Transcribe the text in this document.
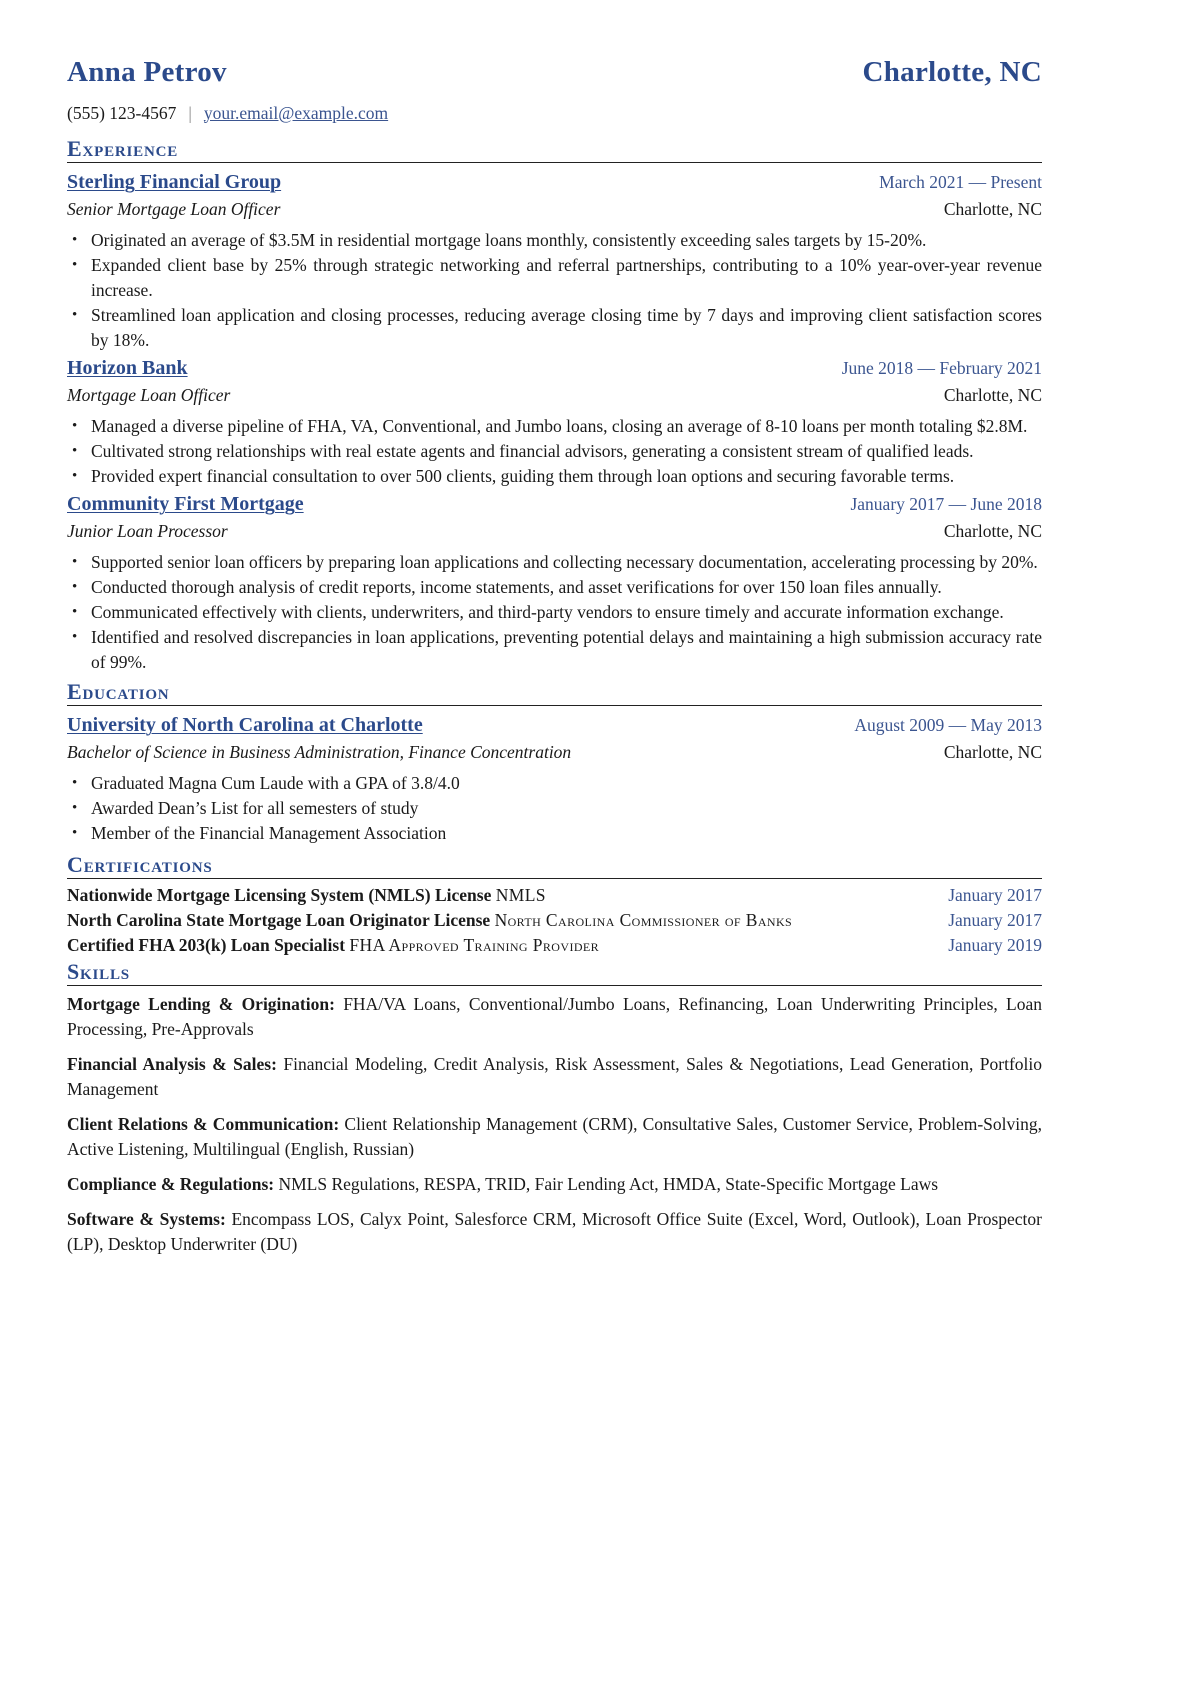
Anna Petrov	Charlotte, NC
(555) 123-4567 | your.email@example.com
Experience
Sterling Financial Group	March 2021 — Present
Senior Mortgage Loan Officer	Charlotte, NC
• Originated an average of $3.5M in residential mortgage loans monthly, consistently exceeding sales targets by 15-20%.
• Expanded client base by 25% through strategic networking and referral partnerships, contributing to a 10% year-over-year revenue increase.
• Streamlined loan application and closing processes, reducing average closing time by 7 days and improving client satisfaction scores by 18%.
Horizon Bank	June 2018 — February 2021
Mortgage Loan Officer	Charlotte, NC
• Managed a diverse pipeline of FHA, VA, Conventional, and Jumbo loans, closing an average of 8-10 loans per month totaling $2.8M.
• Cultivated strong relationships with real estate agents and financial advisors, generating a consistent stream of qualified leads.
• Provided expert financial consultation to over 500 clients, guiding them through loan options and securing favorable terms.
Community First Mortgage	January 2017 — June 2018
Junior Loan Processor	Charlotte, NC
• Supported senior loan officers by preparing loan applications and collecting necessary documentation, accelerating processing by 20%.
• Conducted thorough analysis of credit reports, income statements, and asset verifications for over 150 loan files annually.
• Communicated effectively with clients, underwriters, and third-party vendors to ensure timely and accurate information exchange.
• Identified and resolved discrepancies in loan applications, preventing potential delays and maintaining a high submission accuracy rate of 99%.
Education
University of North Carolina at Charlotte	August 2009 — May 2013
Bachelor of Science in Business Administration, Finance Concentration	Charlotte, NC
• Graduated Magna Cum Laude with a GPA of 3.8/4.0
• Awarded Dean’s List for all semesters of study
• Member of the Financial Management Association
Certifications
Nationwide Mortgage Licensing System (NMLS) License NMLS	January 2017
North Carolina State Mortgage Loan Originator License North Carolina Commissioner of Banks	January 2017
Certified FHA 203(k) Loan Specialist FHA Approved Training Provider	January 2019
Skills
Mortgage Lending & Origination: FHA/VA Loans, Conventional/Jumbo Loans, Refinancing, Loan Underwriting Principles, Loan Processing, Pre-Approvals
Financial Analysis & Sales: Financial Modeling, Credit Analysis, Risk Assessment, Sales & Negotiations, Lead Generation, Portfolio Management
Client Relations & Communication: Client Relationship Management (CRM), Consultative Sales, Customer Service, Problem-Solving, Active Listening, Multilingual (English, Russian)
Compliance & Regulations: NMLS Regulations, RESPA, TRID, Fair Lending Act, HMDA, State-Specific Mortgage Laws
Software & Systems: Encompass LOS, Calyx Point, Salesforce CRM, Microsoft Office Suite (Excel, Word, Outlook), Loan Prospector (LP), Desktop Underwriter (DU)
